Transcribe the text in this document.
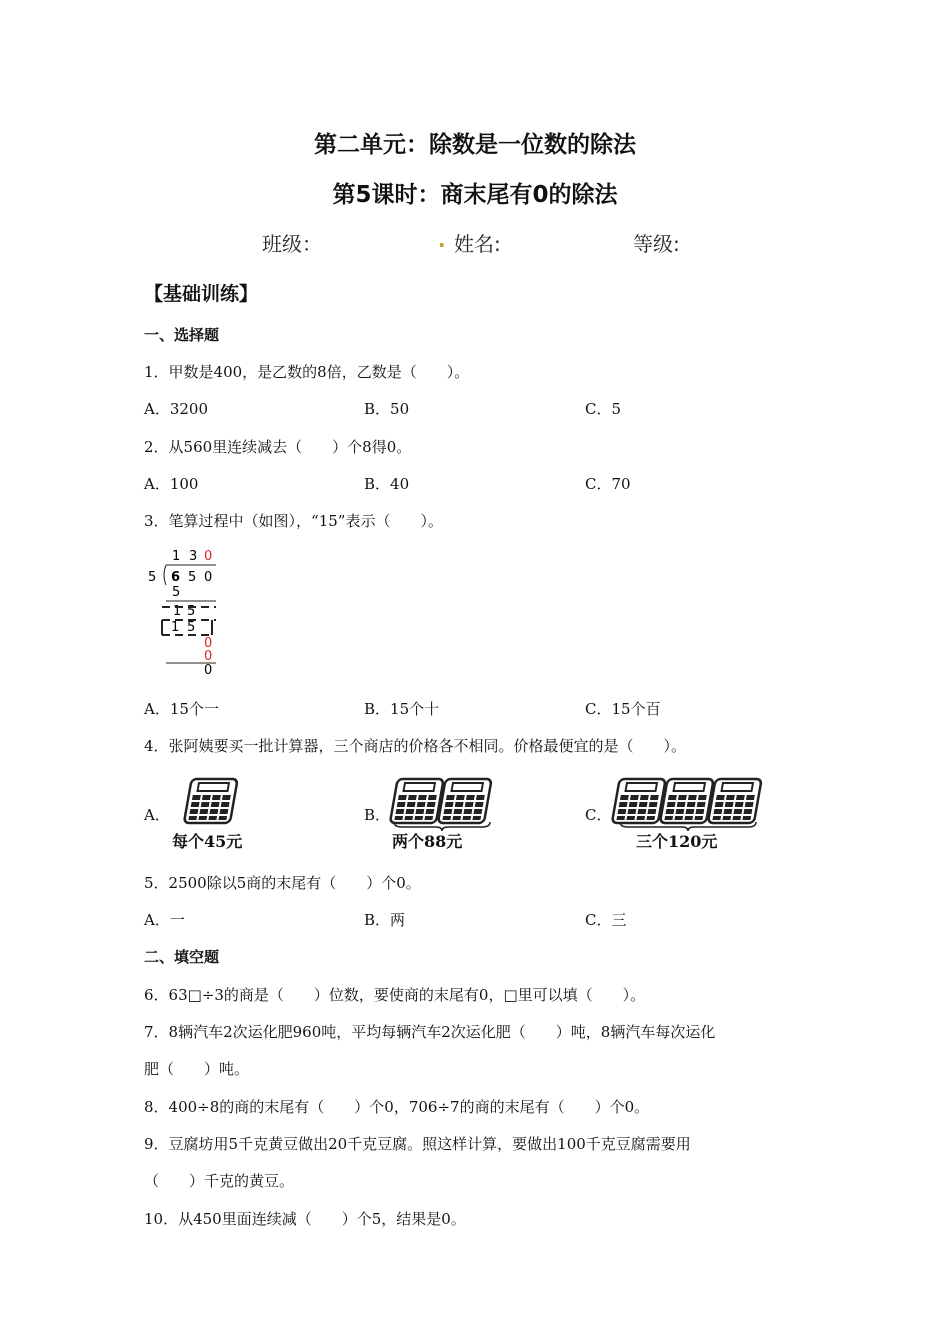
第二单元：除数是一位数的除法
第5课时：商末尾有0的除法
班级：	. 姓名:	等级:
【基础训练】
一、选择题
1．甲数是400，是乙数的8倍，乙数是（　　）。
A．3200	B．50	C．5
2．从560里连续减去（　　）个8得0。
A．100	B．40	C．70
3．笔算过程中（如图），“15”表示（　　）。
1 3 0
5 6 5 0
5
1 5
1 5
0
0
0
A．15个一	B．15个十	C．15个百
4．张阿姨要买一批计算器，三个商店的价格各不相同。价格最便宜的是（　　）。
A．	B．	C．
每个45元	两个88元	三个120元
5．2500除以5商的末尾有（　　）个0。
A．一	B．两	C．三
二、填空题
6．63□÷3的商是（　　）位数，要使商的末尾有0，□里可以填（　　）。
7．8辆汽车2次运化肥960吨，平均每辆汽车2次运化肥（　　）吨，8辆汽车每次运化
肥（　　）吨。
8．400÷8的商的末尾有（　　）个0，706÷7的商的末尾有（　　）个0。
9．豆腐坊用5千克黄豆做出20千克豆腐。照这样计算，要做出100千克豆腐需要用
（　　）千克的黄豆。
10．从450里面连续减（　　）个5，结果是0。
